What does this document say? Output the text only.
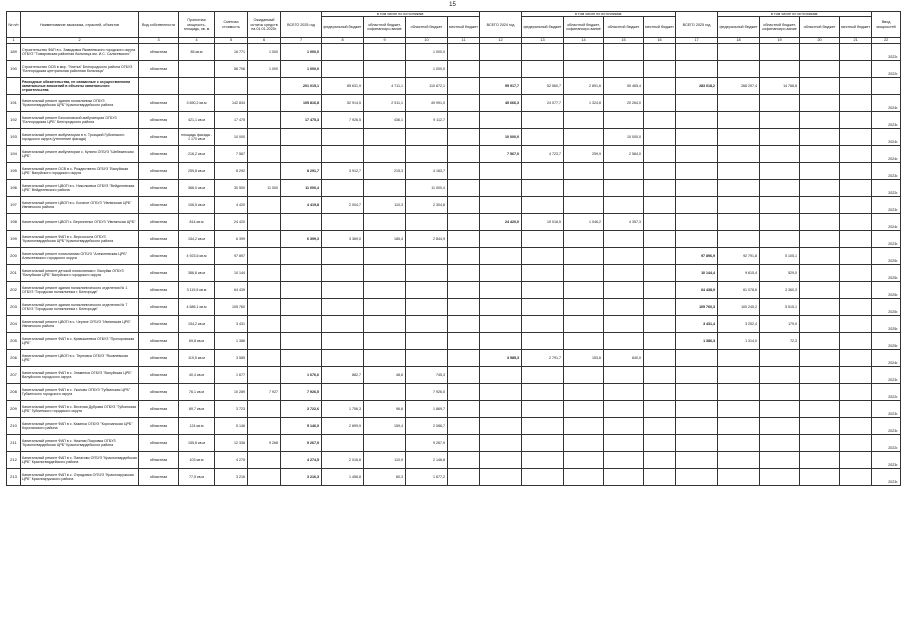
15
№ п/п	Наименование заказчика, отраслей, объектов	Вид собственности	Проектная мощность, площадь, кв. м	Сметная стоимость	Ожидаемый остаток средств на 01.01.2025г.	ВСЕГО 2025 год	в том числе по источникам:				ВСЕГО 2024 год	в том числе по источникам:				ВСЕГО 2025 год	в том числе по источникам:				Ввод мощностей
							федеральный бюджет	областной бюджет, софинансиро-вание	областной бюджет	местный бюджет		федеральный бюджет	областной бюджет, софинансиро-вание	областной бюджет	местный бюджет		федеральный бюджет	областной бюджет, софинансиро-вание	областной бюджет	местный бюджет	
1	2	3	4	5	6	7	8	9	10	11	12	13	14	15	16	17	18	19	20	21	22
189	Строительство ФАП в с. Завидовка Яковлевского городского округа ОГБУЗ "Томаровская районная больница им. И.С. Сальтевского"	областная	85 кв.м	16 771	1 000	1 000,0			1 000,0												2022г.
190	Строительство ОСВ в мкр. "Улитка" Белгородского района ОГБУЗ "Белгородская центральная районная больница"	областная		58 706	1 000	1 000,0			1 000,0												2022г.
	Расходные обязательства, не связанные с осуществлением капитальных вложений в объекты капитального строительства					201 015,1	85 631,9	4 711,1	110 672,1		95 917,7	52 560,7	2 891,6	50 465,4		283 018,2	268 297,4	14 768,8			
191	Капитальный ремонт здания поликлиники ОГБУЗ "Красногвардейская ЦРБ" Красногвардейского района	областная	3 650,2 кв.м	142 834		105 816,8	52 914,5	2 911,1	49 991,0		45 666,3	24 077,7	1 324,8	20 264,0							2024г.
192	Капитальный ремонт Бессоновской амбулатории ОГБУЗ "Белгородская ЦРБ" Белгородского района	областная	421,1 кв.м	17 475		17 475,3	7 926,5	436,1	9 112,7												2023г.
193	Капитальный ремонт амбулатории в п. Троицкий Губкинского городского округа (утепление фасада)	областная	площадь фасада - 1 170 кв.м	10 000							10 000,0			10 000,0							2024г.
194	Капитальный ремонт амбулатории с. Купино ОГБУЗ "Шебекинская ЦРБ"	областная	216,2 кв.м	7 567							7 567,0	4 723,7	259,9	2 584,0							2024г.
195	Капитальный ремонт ОСВ в с. Рождествено ОГБУЗ "Валуйская ЦРБ" Валуйского городского округа	областная	259,8 кв.м	8 292		8 291,7	3 912,7	215,3	4 163,7												2023г.
196	Капитальный ремонт ЦВОП в с. Никольевка ОГБУЗ "Вейделевская ЦРБ" Вейделевского района	областная	366,0 кв.м	30 500	11 000	11 000,4			11 000,4												2022г.
197	Капитальный ремонт ЦВОП в с. Богатое ОГБУЗ "Ивнянская ЦРБ" Ивнянского района	областная	106,5 кв.м	4 420		4 419,8	2 004,7	110,3	2 304,8												2023г.
198	Капитальный ремонт ЦВОП с. Верхопенье ОГБУЗ "Ивнянская ЦРБ"	областная	814 кв.м	24 420							24 420,0	19 016,5	1 046,2	4 357,3							2024г.
199	Капитальный ремонт ФАП в с. Верхососна ОГБУЗ "Красногвардейская ЦРБ" Красногвардейского района	областная	154,2 кв.м	6 399		6 399,3	3 369,0	185,4	2 844,9												2023г.
200	Капитальный ремонт поликлиники ОГБУЗ "Алексеевская ЦРБ" Алексеевского городского округа	областная	4 923,6 кв.м	97 897												97 896,9	92 791,8	5 105,1			2025г.
201	Капитальный ремонт детской поликлиники г. Валуйки ОГБУЗ "Валуйская ЦРБ" Валуйского городского округа	областная	386,6 кв.м	10 144												10 144,4	9 615,4	529,0			2025г.
202	Капитальный ремонт здания поликлинического отделения № 1 ОГБУЗ "Городская поликлиника г. Белгорода"	областная	3 119,5 кв.м	64 439												64 438,9	61 078,6	3 360,3			2025г.
203	Капитальный ремонт здания поликлинического отделения № 7 ОГБУЗ "Городская поликлиника г. Белгорода"	областная	4 686,1 кв.м	105 760												105 760,3	100 245,2	5 515,1			2025г.
204	Капитальный ремонт ЦВОП в с. Черное ОГБУЗ "Ивнянская ЦРБ" Ивнянского района	областная	154,2 кв.м	3 431												3 431,4	3 252,4	179,0			2025г.
205	Капитальный ремонт ФАП в с. Кривошеевка ОГБУЗ "Прохоровская ЦРБ"	областная	69,8 кв.м	1 386												1 386,3	1 314,0	72,3			2025г.
206	Капитальный ремонт ЦВОП в с. Терновка ОГБУЗ "Яковлевская ЦРБ"	областная	119,5 кв.м	3 585							3 585,3	2 791,7	153,6	640,0							2024г.
207	Капитальный ремонт ФАП в с. Знаменка ОГБУЗ "Валуйская ЦРБ" Валуйского городского округа	областная	40,4 кв.м	1 677		1 676,6	882,7	48,6	745,3												2023г.
208	Капитальный ремонт ФАП в с. Уколово ОГБУЗ "Губкинская ЦРБ" Губкинского городского округа	областная	76,1 кв.м	10 289	7 927	7 926,5			7 926,5												2022г.
209	Капитальный ремонт ФАП в с. Веселая Дубрава ОГБУЗ "Губкинская ЦРБ" Губкинского городского округа	областная	89,7 кв.м	3 723		3 722,6	1 756,3	96,6	1 869,7												2023г.
210	Капитальный ремонт ФАП в с. Казинка ОГБУЗ "Корочанская ЦРБ" Корочанского района	областная	124 кв.м	5 146		5 146,0	2 899,9	159,4	2 086,7												2023г.
211	Капитальный ремонт ФАП в с. Нижняя Покровка ОГБУЗ "Красногвардейская ЦРБ" Красногвардейского района	областная	155,6 кв.м	12 336	9 268	9 267,9			9 267,9												2022г.
212	Капитальный ремонт ФАП в с. Палатово ОГБУЗ "Красногвардейская ЦРБ" Красногвардейского района	областная	103 кв.м	4 275		4 274,5	2 016,8	110,9	2 146,8												2023г.
213	Капитальный ремонт ФАП в с. Отрадовка ОГБУЗ "Краснояружская ЦРБ" Краснояружского района	областная	77,5 кв.м	3 216		3 216,3	1 456,8	80,3	1 677,2												2023г.
